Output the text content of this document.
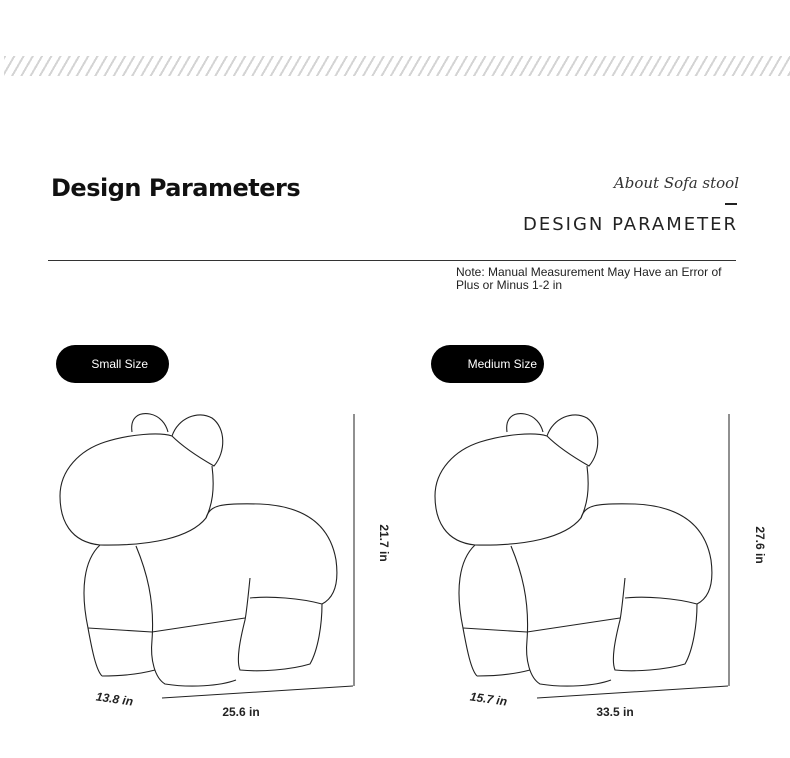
Design Parameters	About Sofa stool
DESIGN PARAMETER
Note: Manual Measurement May Have an Error of Plus or Minus 1-2 in
Small Size	Medium Size
21.7 in
13.8 in
25.6 in
27.6 in
15.7 in
33.5 in
